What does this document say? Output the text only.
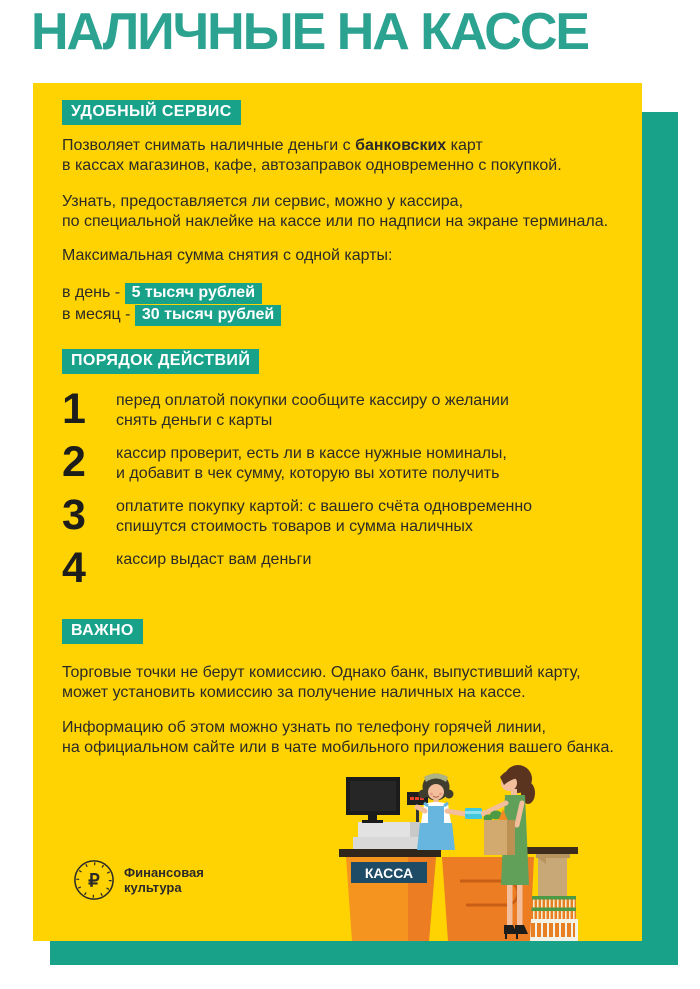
НАЛИЧНЫЕ НА КАССЕ
УДОБНЫЙ СЕРВИС
Позволяет снимать наличные деньги с банковских карт
в кассах магазинов, кафе, автозаправок одновременно с покупкой.
Узнать, предоставляется ли сервис, можно у кассира,
по специальной наклейке на кассе или по надписи на экране терминала.
Максимальная сумма снятия с одной карты:
в день - 5 тысяч рублей
в месяц - 30 тысяч рублей
ПОРЯДОК ДЕЙСТВИЙ
1	перед оплатой покупки сообщите кассиру о желании
снять деньги с карты
2	кассир проверит, есть ли в кассе нужные номиналы,
и добавит в чек сумму, которую вы хотите получить
3	оплатите покупку картой: с вашего счёта одновременно
спишутся стоимость товаров и сумма наличных
4	кассир выдаст вам деньги
ВАЖНО
Торговые точки не берут комиссию. Однако банк, выпустивший карту,
может установить комиссию за получение наличных на кассе.
Информацию об этом можно узнать по телефону горячей линии,
на официальном сайте или в чате мобильного приложения вашего банка.
КАССА
₽ Финансовая
культура
